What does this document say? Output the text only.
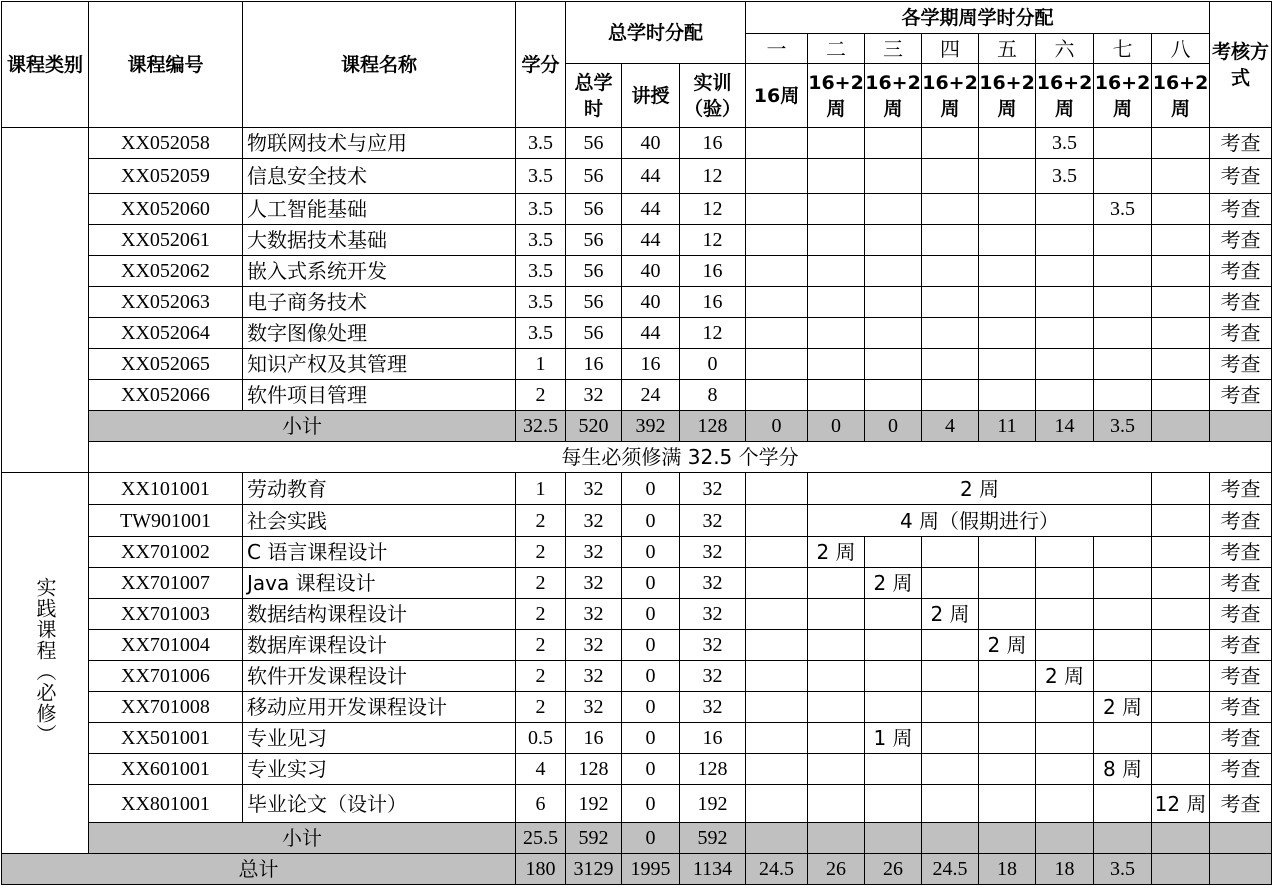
课程类别	课程编号	课程名称	学分	总学时分配			各学期周学时分配								考核方式
							一	二	三	四	五	六	七	八	
				总学时	讲授	实训（验）	16周	16+2周	16+2周	16+2周	16+2周	16+2周	16+2周	16+2周	
	XX052058	物联网技术与应用	3.5	56	40	16						3.5			考查
	XX052059	信息安全技术	3.5	56	44	12						3.5			考查
	XX052060	人工智能基础	3.5	56	44	12							3.5		考查
	XX052061	大数据技术基础	3.5	56	44	12									考查
	XX052062	嵌入式系统开发	3.5	56	40	16									考查
	XX052063	电子商务技术	3.5	56	40	16									考查
	XX052064	数字图像处理	3.5	56	44	12									考查
	XX052065	知识产权及其管理	1	16	16	0									考查
	XX052066	软件项目管理	2	32	24	8									考查
	小计		32.5	520	392	128	0	0	0	4	11	14	3.5		
	每生必须修满 32.5 个学分														
实践课程（必修）	XX101001	劳动教育	1	32	0	32		2 周							考查
	TW901001	社会实践	2	32	0	32		4 周（假期进行）							考查
	XX701002	C 语言课程设计	2	32	0	32		2 周							考查
	XX701007	Java 课程设计	2	32	0	32			2 周						考查
	XX701003	数据结构课程设计	2	32	0	32				2 周					考查
	XX701004	数据库课程设计	2	32	0	32					2 周				考查
	XX701006	软件开发课程设计	2	32	0	32						2 周			考查
	XX701008	移动应用开发课程设计	2	32	0	32							2 周		考查
	XX501001	专业见习	0.5	16	0	16			1 周						考查
	XX601001	专业实习	4	128	0	128							8 周		考查
	XX801001	毕业论文（设计）	6	192	0	192								12 周	考查
	小计		25.5	592	0	592									
总计			180	3129	1995	1134	24.5	26	26	24.5	18	18	3.5		
